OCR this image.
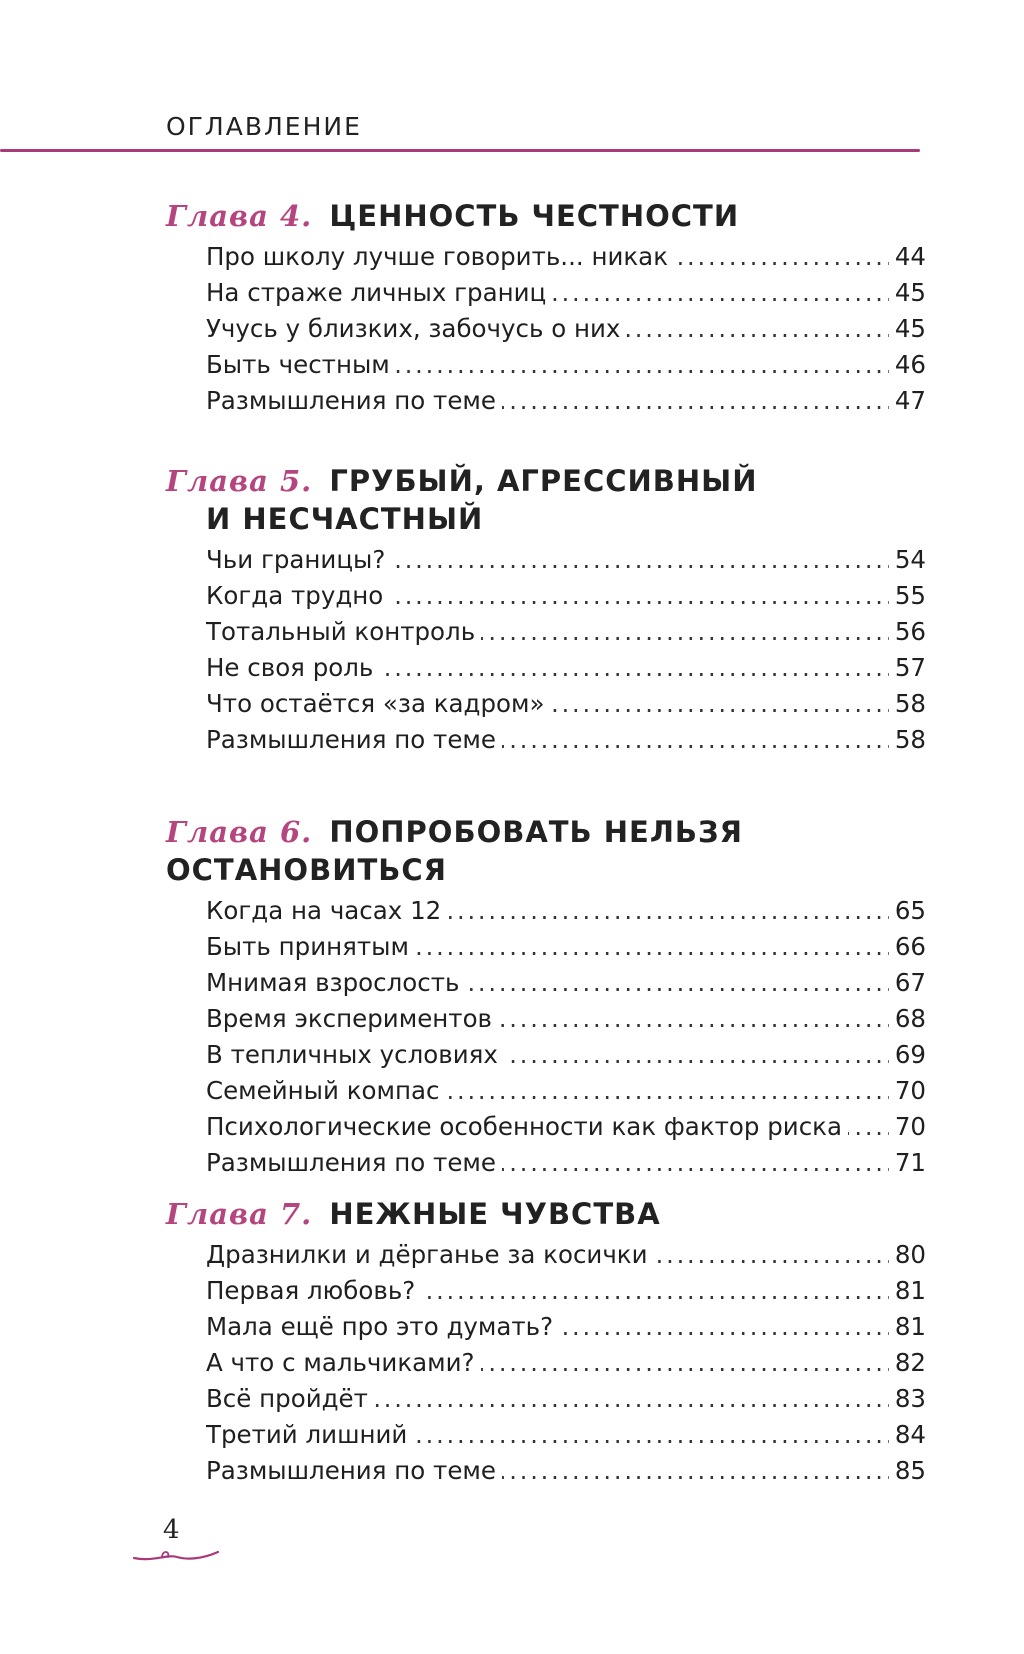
ОГЛАВЛЕНИЕ
Глава 4. ЦЕННОСТЬ ЧЕСТНОСТИ
Про школу лучше говорить... никак	44
. . .
На страже личных границ	45
. . .
Учусь у близких, забочусь о них	45
. . .
Быть честным	46
. . .
Размышления по теме	47
. . .
Глава 5. ГРУБЫЙ, АГРЕССИВНЫЙ
И НЕСЧАСТНЫЙ
Чьи границы?	54
. . .
Когда трудно	55
. . .
Тотальный контроль	56
. . .
Не своя роль	57
. . .
Что остаётся «за кадром»	58
. . .
Размышления по теме	58
. . .
Глава 6. ПОПРОБОВАТЬ НЕЛЬЗЯ ОСТАНОВИТЬСЯ
Когда на часах 12	65
. . .
Быть принятым	66
. . .
Мнимая взрослость	67
. . .
Время экспериментов	68
. . .
В тепличных условиях	69
. . .
Семейный компас	70
. . .
Психологические особенности как фактор риска 70
. . .
Размышления по теме	71
. . .
Глава 7. НЕЖНЫЕ ЧУВСТВА
Дразнилки и дёрганье за косички	80
. . .
Первая любовь?	81
. . .
Мала ещё про это думать?	81
. . .
А что с мальчиками?	82
. . .
Всё пройдёт	83
. . .
Третий лишний	84
. . .
Размышления по теме	85
. . .
4
